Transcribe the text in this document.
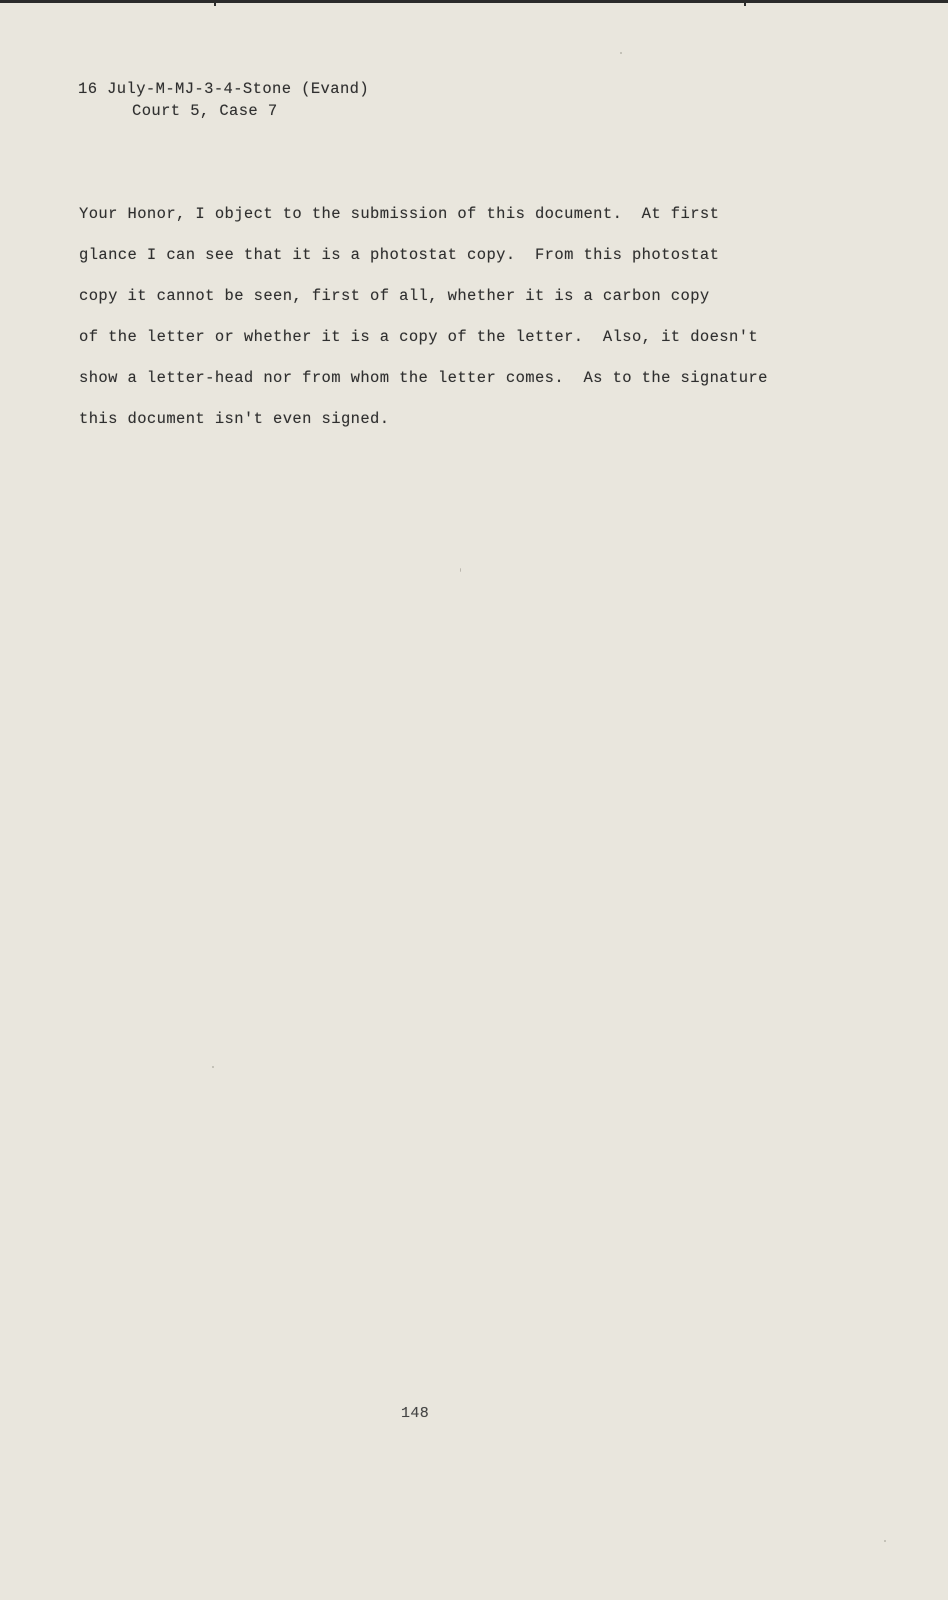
16 July-M-MJ-3-4-Stone (Evand)
Court 5, Case 7
Your Honor, I object to the submission of this document.  At first
glance I can see that it is a photostat copy.  From this photostat
copy it cannot be seen, first of all, whether it is a carbon copy
of the letter or whether it is a copy of the letter.  Also, it doesn't
show a letter-head nor from whom the letter comes.  As to the signature
this document isn't even signed.
148
